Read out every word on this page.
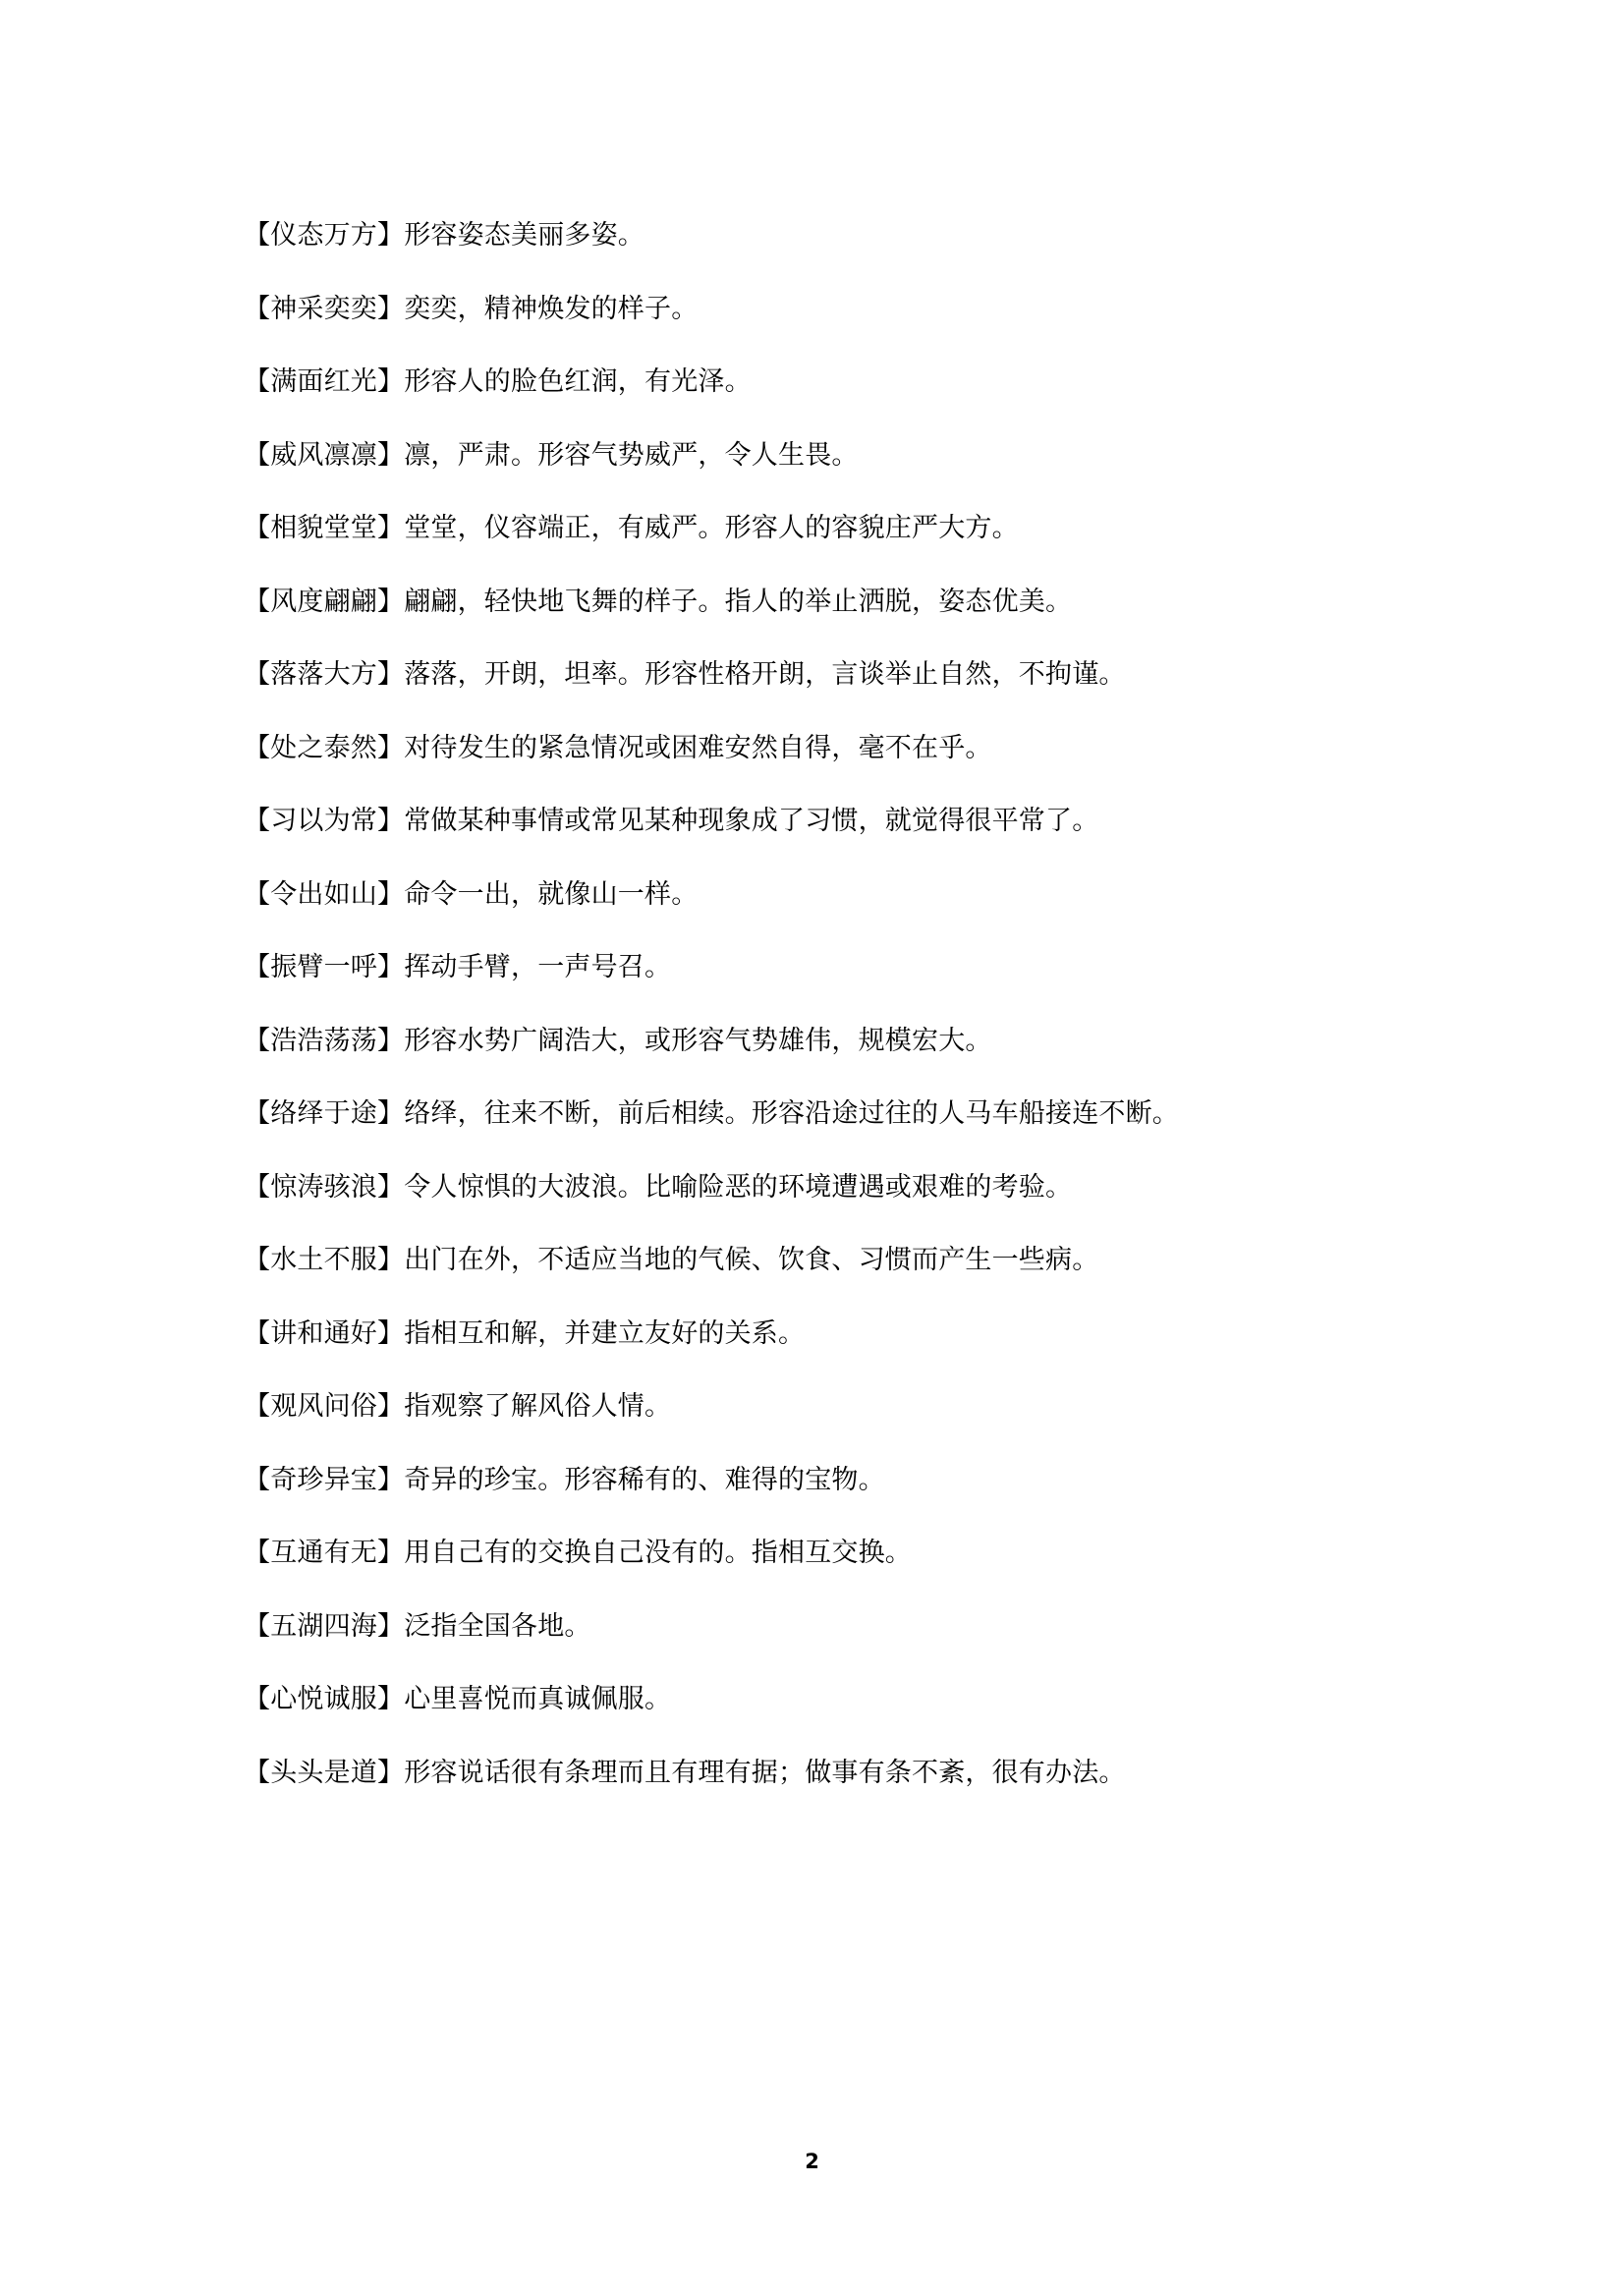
【仪态万方】形容姿态美丽多姿。

【神采奕奕】奕奕，精神焕发的样子。

【满面红光】形容人的脸色红润，有光泽。

【威风凛凛】凛，严肃。形容气势威严，令人生畏。

【相貌堂堂】堂堂，仪容端正，有威严。形容人的容貌庄严大方。

【风度翩翩】翩翩，轻快地飞舞的样子。指人的举止洒脱，姿态优美。

【落落大方】落落，开朗，坦率。形容性格开朗，言谈举止自然，不拘谨。

【处之泰然】对待发生的紧急情况或困难安然自得，毫不在乎。

【习以为常】常做某种事情或常见某种现象成了习惯，就觉得很平常了。

【令出如山】命令一出，就像山一样。

【振臂一呼】挥动手臂，一声号召。

【浩浩荡荡】形容水势广阔浩大，或形容气势雄伟，规模宏大。

【络绎于途】络绎，往来不断，前后相续。形容沿途过往的人马车船接连不断。

【惊涛骇浪】令人惊惧的大波浪。比喻险恶的环境遭遇或艰难的考验。

【水土不服】出门在外，不适应当地的气候、饮食、习惯而产生一些病。

【讲和通好】指相互和解，并建立友好的关系。

【观风问俗】指观察了解风俗人情。

【奇珍异宝】奇异的珍宝。形容稀有的、难得的宝物。

【互通有无】用自己有的交换自己没有的。指相互交换。

【五湖四海】泛指全国各地。

【心悦诚服】心里喜悦而真诚佩服。

【头头是道】形容说话很有条理而且有理有据；做事有条不紊，很有办法。

2
